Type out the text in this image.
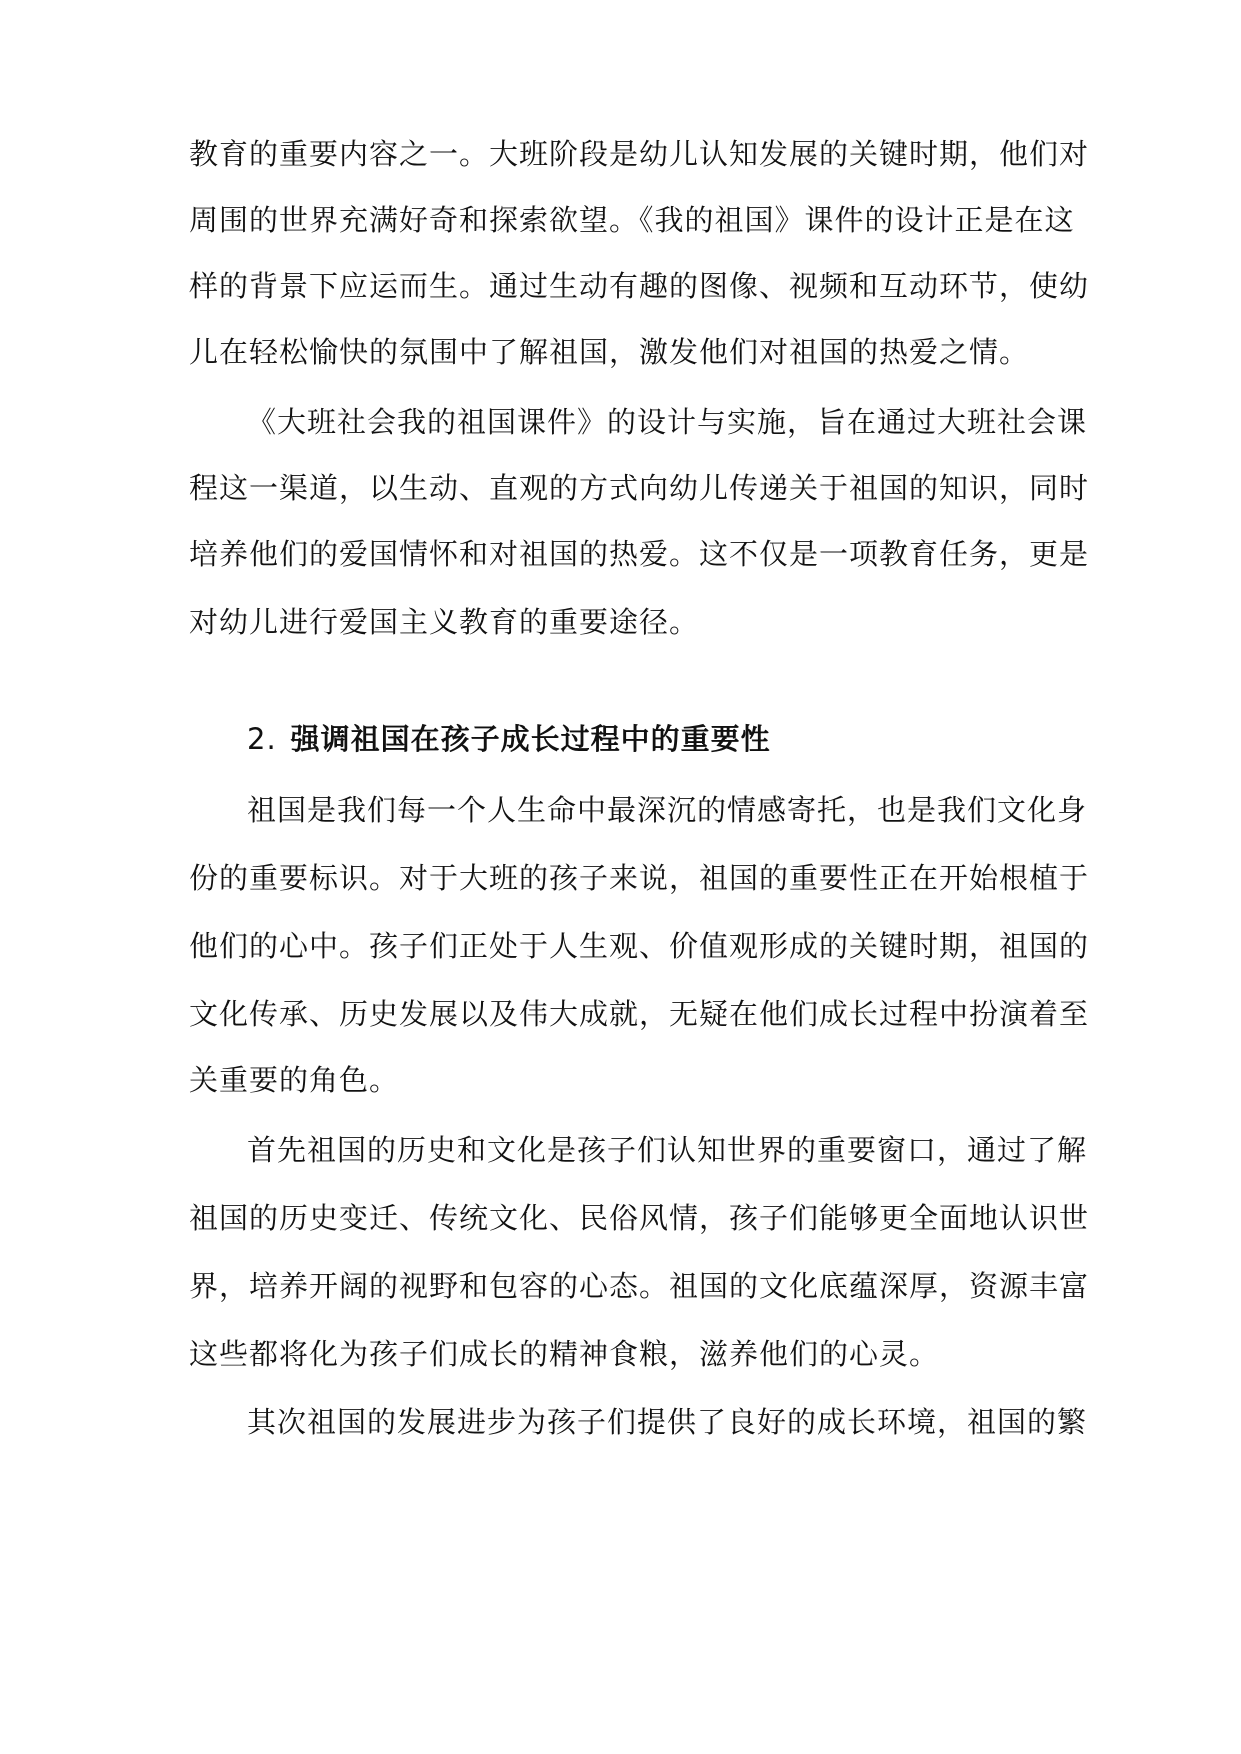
教育的重要内容之一。大班阶段是幼儿认知发展的关键时期，他们对
周围的世界充满好奇和探索欲望。《我的祖国》课件的设计正是在这
样的背景下应运而生。通过生动有趣的图像、视频和互动环节，使幼
儿在轻松愉快的氛围中了解祖国，激发他们对祖国的热爱之情。
《大班社会我的祖国课件》的设计与实施，旨在通过大班社会课
程这一渠道，以生动、直观的方式向幼儿传递关于祖国的知识，同时
培养他们的爱国情怀和对祖国的热爱。这不仅是一项教育任务，更是
对幼儿进行爱国主义教育的重要途径。
2. 强调祖国在孩子成长过程中的重要性
祖国是我们每一个人生命中最深沉的情感寄托，也是我们文化身
份的重要标识。对于大班的孩子来说，祖国的重要性正在开始根植于
他们的心中。孩子们正处于人生观、价值观形成的关键时期，祖国的
文化传承、历史发展以及伟大成就，无疑在他们成长过程中扮演着至
关重要的角色。
首先祖国的历史和文化是孩子们认知世界的重要窗口，通过了解
祖国的历史变迁、传统文化、民俗风情，孩子们能够更全面地认识世
界，培养开阔的视野和包容的心态。祖国的文化底蕴深厚，资源丰富
这些都将化为孩子们成长的精神食粮，滋养他们的心灵。
其次祖国的发展进步为孩子们提供了良好的成长环境，祖国的繁
